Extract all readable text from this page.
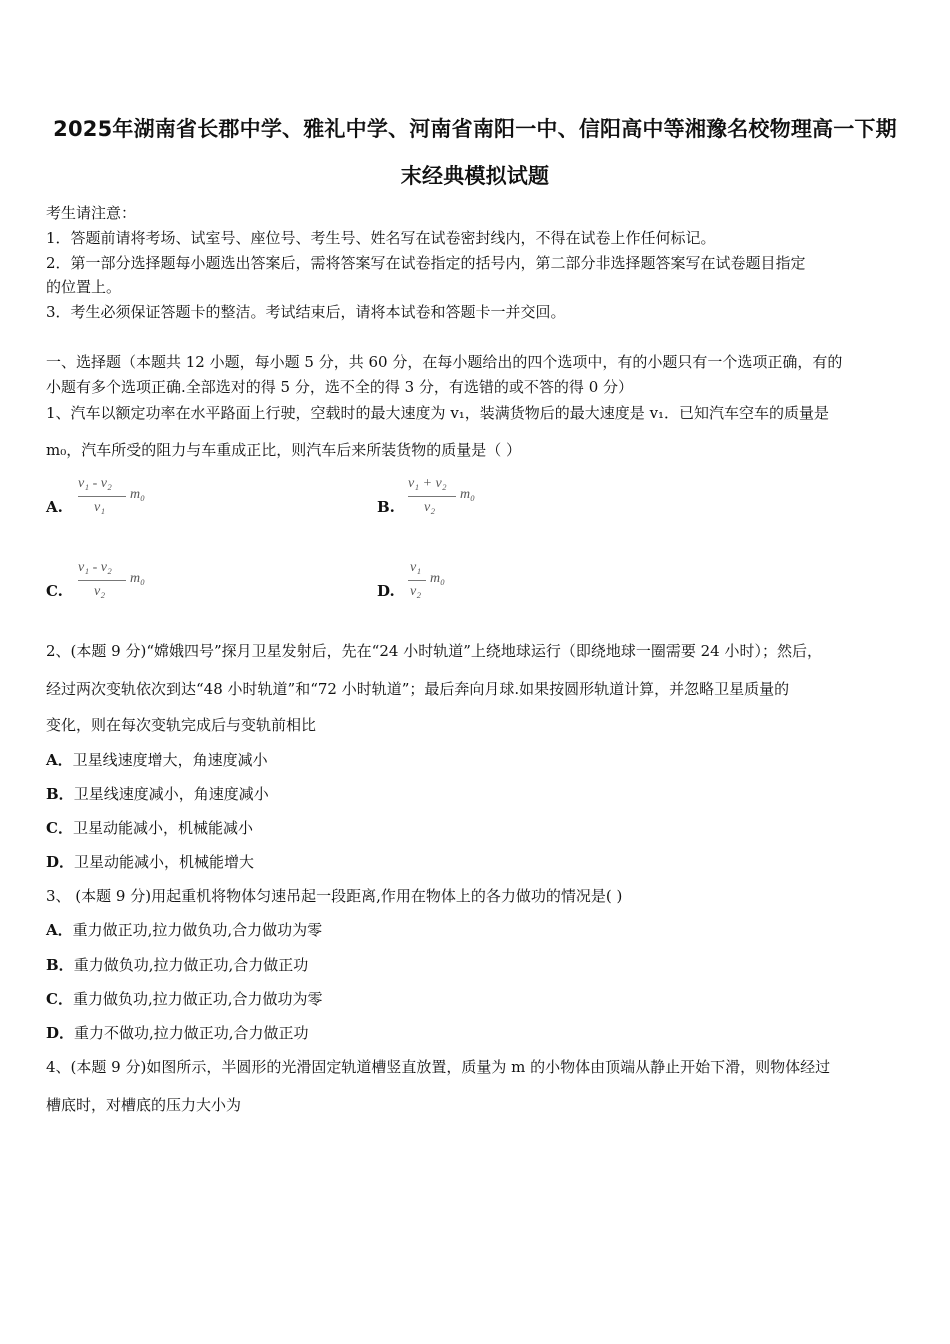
2025年湖南省长郡中学、雅礼中学、河南省南阳一中、信阳高中等湘豫名校物理高一下期
末经典模拟试题
考生请注意：
1．答题前请将考场、试室号、座位号、考生号、姓名写在试卷密封线内，不得在试卷上作任何标记。
2．第一部分选择题每小题选出答案后，需将答案写在试卷指定的括号内，第二部分非选择题答案写在试卷题目指定
的位置上。
3．考生必须保证答题卡的整洁。考试结束后，请将本试卷和答题卡一并交回。
一、选择题（本题共 12 小题，每小题 5 分，共 60 分，在每小题给出的四个选项中，有的小题只有一个选项正确，有的
小题有多个选项正确.全部选对的得 5 分，选不全的得 3 分，有选错的或不答的得 0 分）
1、汽车以额定功率在水平路面上行驶，空载时的最大速度为 v₁，装满货物后的最大速度是 v₁．已知汽车空车的质量是
m₀，汽车所受的阻力与车重成正比，则汽车后来所装货物的质量是（ ）
A.
v₁ - v₂
v₁
m₀
B.
v₁ + v₂
v₂
m₀
C.
v₁ - v₂
v₂
m₀
D.
v₁
v₂
m₀
2、(本题 9 分)“嫦娥四号”探月卫星发射后，先在“24 小时轨道”上绕地球运行（即绕地球一圈需要 24 小时）；然后，
经过两次变轨依次到达“48 小时轨道”和“72 小时轨道”；最后奔向月球.如果按圆形轨道计算，并忽略卫星质量的
变化，则在每次变轨完成后与变轨前相比
A．卫星线速度增大，角速度减小
B．卫星线速度减小，角速度减小
C．卫星动能减小，机械能减小
D．卫星动能减小，机械能增大
3、 (本题 9 分)用起重机将物体匀速吊起一段距离,作用在物体上的各力做功的情况是( )
A．重力做正功,拉力做负功,合力做功为零
B．重力做负功,拉力做正功,合力做正功
C．重力做负功,拉力做正功,合力做功为零
D．重力不做功,拉力做正功,合力做正功
4、(本题 9 分)如图所示，半圆形的光滑固定轨道槽竖直放置，质量为 m 的小物体由顶端从静止开始下滑，则物体经过
槽底时，对槽底的压力大小为
